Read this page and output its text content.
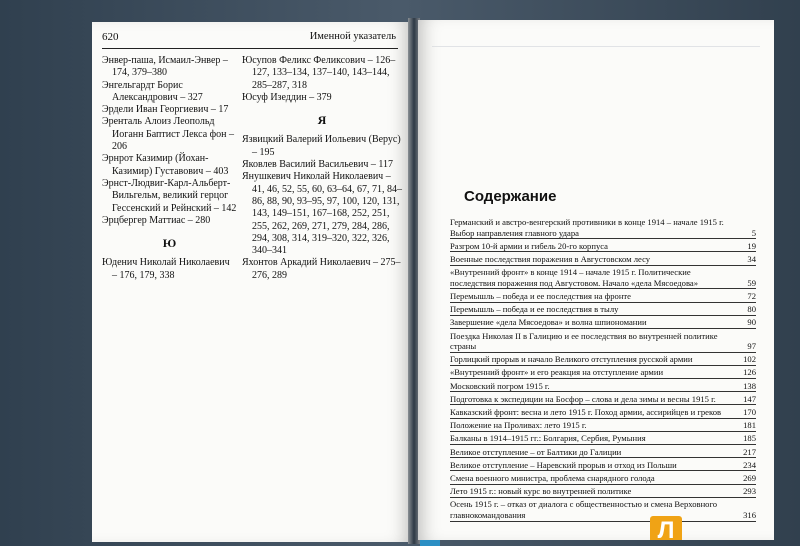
620	Именной указатель

Энвер-паша, Исмаил-Энвер – 174, 379–380

Энгельгардт Борис Александрович – 327

Эрдели Иван Георгиевич – 17

Эренталь Алоиз Леопольд Иоганн Баптист Лекса фон – 206

Эрнрот Казимир (Йохан-Казимир) Густавович – 403

Эрнст-Людвиг-Карл-Альберт-Вильгельм, великий герцог Гессенский и Рейнский – 142

Эрцбергер Маттиас – 280

Ю

Юденич Николай Николаевич – 176, 179, 338

Юсупов Феликс Феликсович – 126–127, 133–134, 137–140, 143–144, 285–287, 318

Юсуф Изеддин – 379

Я

Язвицкий Валерий Иольевич (Верус) – 195

Яковлев Василий Васильевич – 117

Янушкевич Николай Николаевич – 41, 46, 52, 55, 60, 63–64, 67, 71, 84–86, 88, 90, 93–95, 97, 100, 120, 131, 143, 149–151, 167–168, 252, 251, 255, 262, 269, 271, 279, 284, 286, 294, 308, 314, 319–320, 322, 326, 340–341

Яхонтов Аркадий Николаевич – 275–276, 289

Содержание
Германский и австро-венгерский противники в конце 1914 – начале 1915 г. Выбор направления главного удара	5
Разгром 10-й армии и гибель 20-го корпуса	19
Военные последствия поражения в Августовском лесу	34
«Внутренний фронт» в конце 1914 – начале 1915 г. Политические последствия поражения под Августовом. Начало «дела Мясоедова»	59
Перемышль – победа и ее последствия на фронте	72
Перемышль – победа и ее последствия в тылу	80
Завершение «дела Мясоедова» и волна шпиономании	90
Поездка Николая II в Галицию и ее последствия во внутренней политике страны	97
Горлицкий прорыв и начало Великого отступления русской армии	102
«Внутренний фронт» и его реакция на отступление армии	126
Московский погром 1915 г.	138
Подготовка к экспедиции на Босфор – слова и дела зимы и весны 1915 г.	147
Кавказский фронт: весна и лето 1915 г. Поход армии, ассирийцев и греков	170
Положение на Проливах: лето 1915 г.	181
Балканы в 1914–1915 гг.: Болгария, Сербия, Румыния	185
Великое отступление – от Балтики до Галиции	217
Великое отступление – Наревский прорыв и отход из Польши	234
Смена военного министра, проблема снарядного голода	269
Лето 1915 г.: новый курс во внутренней политике	293
Осень 1915 г. – отказ от диалога с общественностью и смена Верховного главнокомандования	316
Л
